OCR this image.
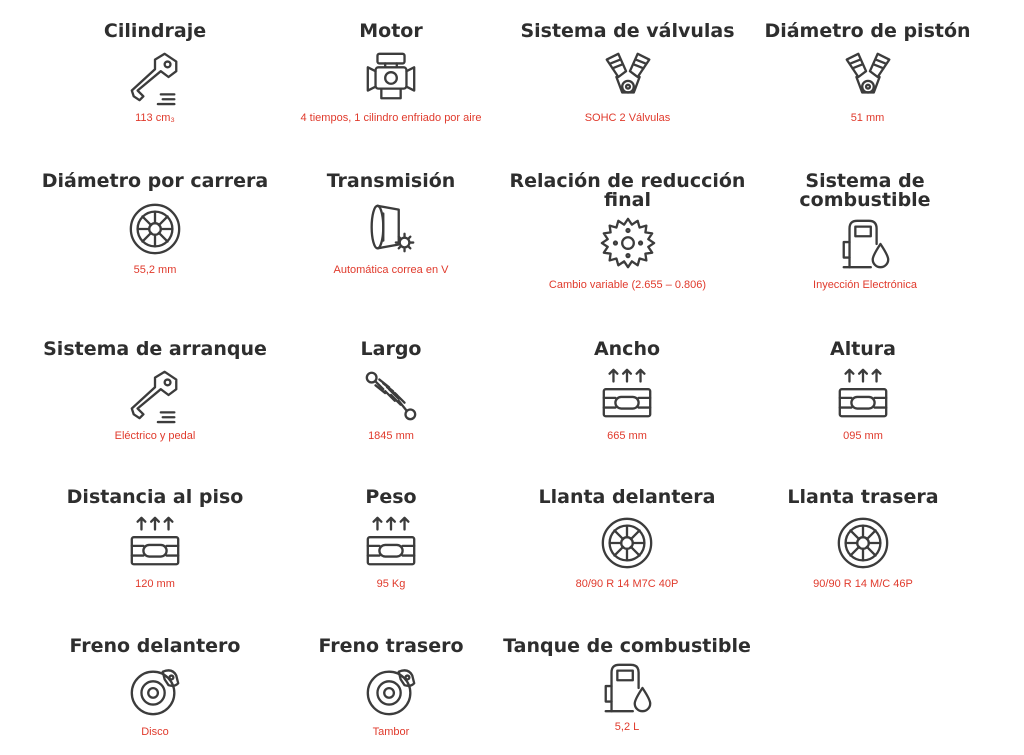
Cilindraje
113 cm₃
Motor
4 tiempos, 1 cilindro enfriado por aire
Sistema de válvulas
SOHC 2 Válvulas
Diámetro de pistón
51 mm
Diámetro por carrera
55,2 mm
Transmisión
Automática correa en V
Relación de reducción
final
Cambio variable (2.655 – 0.806)
Sistema de
combustible
Inyección Electrónica
Sistema de arranque
Eléctrico y pedal
Largo
1845 mm
Ancho
665 mm
Altura
095 mm
Distancia al piso
120 mm
Peso
95 Kg
Llanta delantera
80/90 R 14 M7C 40P
Llanta trasera
90/90 R 14 M/C 46P
Freno delantero
Disco
Freno trasero
Tambor
Tanque de combustible
5,2 L
